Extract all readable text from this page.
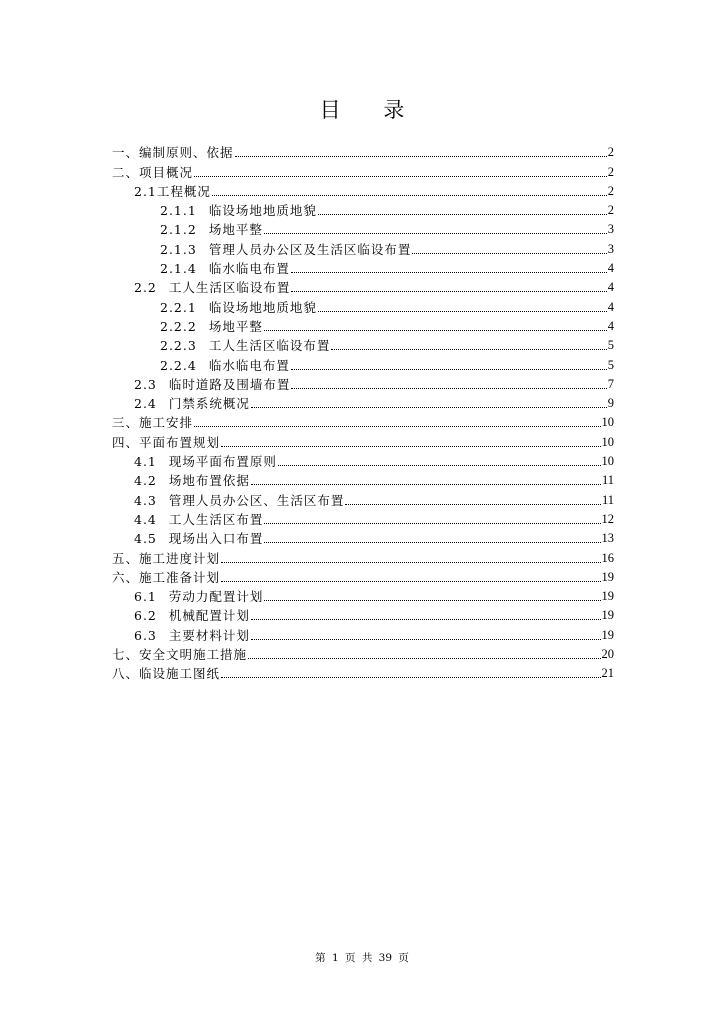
目 录
一、 编制原则、依据	2
二、 项目概况	2
2.1 工程概况	2
2.1.1 临设场地地质地貌	2
2.1.2 场地平整	3
2.1.3 管理人员办公区及生活区临设布置	3
2.1.4 临水临电布置	4
2.2 工人生活区临设布置	4
2.2.1 临设场地地质地貌	4
2.2.2 场地平整	4
2.2.3 工人生活区临设布置	5
2.2.4 临水临电布置	5
2.3 临时道路及围墙布置	7
2.4 门禁系统概况	9
三、 施工安排	10
四、 平面布置规划	10
4.1 现场平面布置原则	10
4.2 场地布置依据	11
4.3 管理人员办公区、生活区布置	11
4.4 工人生活区布置	12
4.5 现场出入口布置	13
五、 施工进度计划	16
六、 施工准备计划	19
6.1 劳动力配置计划	19
6.2 机械配置计划	19
6.3 主要材料计划	19
七、 安全文明施工措施	20
八、 临设施工图纸	21
第 1 页 共 39 页
